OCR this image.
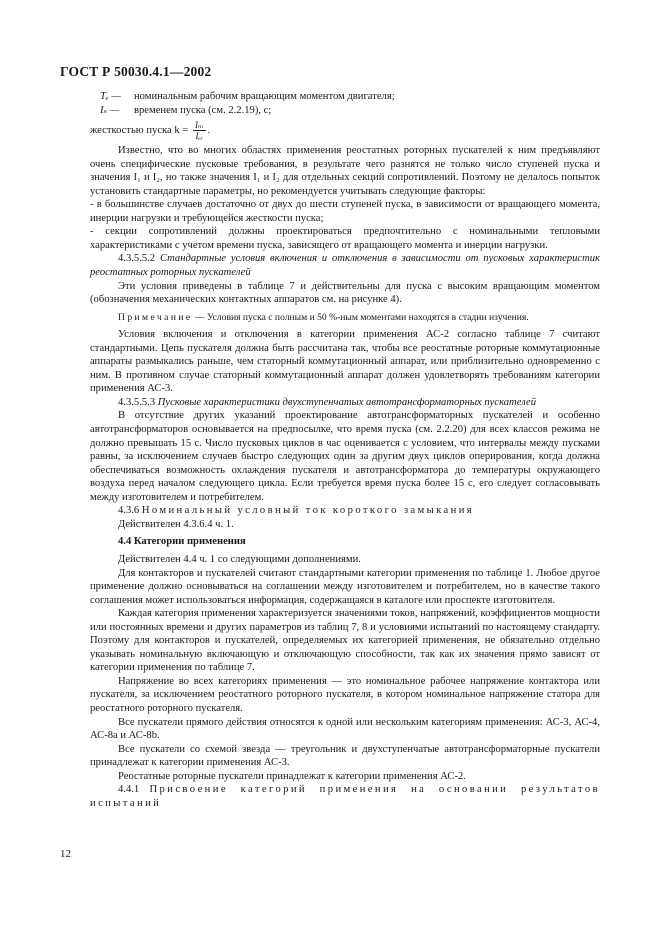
ГОСТ Р 50030.4.1—2002
Tₑ —	номинальным рабочим вращающим моментом двигателя;
Iₛ —	временем пуска (см. 2.2.19), с;

жесткостью пуска $k = \frac{\text{Iₘ}}{\text{Iₑᵣ}}$ .

Известно, что во многих областях применения реостатных роторных пускателей к ним предъявляют очень специфические пусковые требования, в результате чего разнятся не только число ступеней пуска и значения I₁ и I₂, но также значения I₁ и I₂ для отдельных секций сопротивлений. Поэтому не делалось попыток установить стандартные параметры, но рекомендуется учитывать следующие факторы:

- в большинстве случаев достаточно от двух до шести ступеней пуска, в зависимости от вращающего момента, инерции нагрузки и требующейся жесткости пуска;

- секции сопротивлений должны проектироваться предпочтительно с номинальными тепловыми характеристиками с учетом времени пуска, зависящего от вращающего момента и инерции нагрузки.

4.3.5.5.2 Стандартные условия включения и отключения в зависимости от пусковых характеристик реостатных роторных пускателей

Эти условия приведены в таблице 7 и действительны для пуска с высоким вращающим моментом (обозначения механических контактных аппаратов см. на рисунке 4).

Примечание — Условия пуска с полным и 50 %-ным моментами находятся в стадии изучения.

Условия включения и отключения в категории применения АС-2 согласно таблице 7 считают стандартными. Цепь пускателя должна быть рассчитана так, чтобы все реостатные роторные коммутационные аппараты размыкались раньше, чем статорный коммутационный аппарат, или приблизительно одновременно с ним. В противном случае статорный коммутационный аппарат должен удовлетворять требованиям категории применения АС-3.

4.3.5.5.3 Пусковые характеристики двухступенчатых автотрансформаторных пускателей

В отсутствие других указаний проектирование автотрансформаторных пускателей и особенно автотрансформаторов основывается на предпосылке, что время пуска (см. 2.2.20) для всех классов режима не должно превышать 15 с. Число пусковых циклов в час оценивается с условием, что интервалы между пусками равны, за исключением случаев быстро следующих один за другим двух циклов оперирования, когда должна обеспечиваться возможность охлаждения пускателя и автотрансформатора до температуры окружающего воздуха перед началом следующего цикла. Если требуется время пуска более 15 с, его следует согласовывать между изготовителем и потребителем.

4.3.6 Номинальный условный ток короткого замыкания

Действителен 4.3.6.4 ч. 1.

4.4 Категории применения

Действителен 4.4 ч. 1 со следующими дополнениями.

Для контакторов и пускателей считают стандартными категории применения по таблице 1. Любое другое применение должно основываться на соглашении между изготовителем и потребителем, но в качестве такого соглашения может использоваться информация, содержащаяся в каталоге или проспекте изготовителя.

Каждая категория применения характеризуется значениями токов, напряжений, коэффициентов мощности или постоянных времени и других параметров из таблиц 7, 8 и условиями испытаний по настоящему стандарту. Поэтому для контакторов и пускателей, определяемых их категорией применения, не обязательно отдельно указывать номинальную включающую и отключающую способности, так как их значения прямо зависят от категории применения по таблице 7.

Напряжение во всех категориях применения — это номинальное рабочее напряжение контактора или пускателя, за исключением реостатного роторного пускателя, в котором номинальное напряжение статора для реостатного роторного пускателя.

Все пускатели прямого действия относятся к одной или нескольким категориям применения: АС-3, АС-4, АС-8a и АС-8b.

Все пускатели со схемой звезда — треугольник и двухступенчатые автотрансформаторные пускатели принадлежат к категории применения АС-3.

Реостатные роторные пускатели принадлежат к категории применения АС-2.

4.4.1 Присвоение категорий применения на основании результатов испытаний

12
